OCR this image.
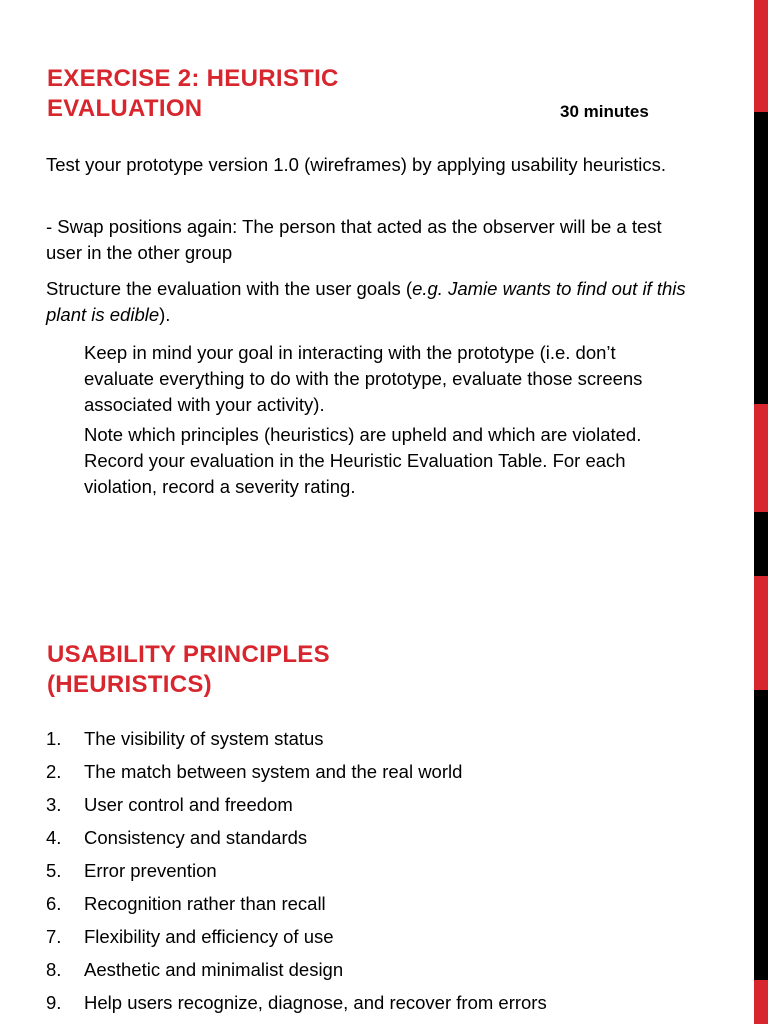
EXERCISE 2: HEURISTIC
EVALUATION	30 minutes

Test your prototype version 1.0 (wireframes) by applying usability heuristics.

- Swap positions again: The person that acted as the observer will be a test user in the other group

Structure the evaluation with the user goals (e.g. Jamie wants to find out if this plant is edible).

Keep in mind your goal in interacting with the prototype (i.e. don’t evaluate everything to do with the prototype, evaluate those screens associated with your activity).

Note which principles (heuristics) are upheld and which are violated. Record your evaluation in the Heuristic Evaluation Table. For each violation, record a severity rating.

USABILITY PRINCIPLES
(HEURISTICS)
1.	The visibility of system status
2.	The match between system and the real world
3.	User control and freedom
4.	Consistency and standards
5.	Error prevention
6.	Recognition rather than recall
7.	Flexibility and efficiency of use
8.	Aesthetic and minimalist design
9.	Help users recognize, diagnose, and recover from errors
